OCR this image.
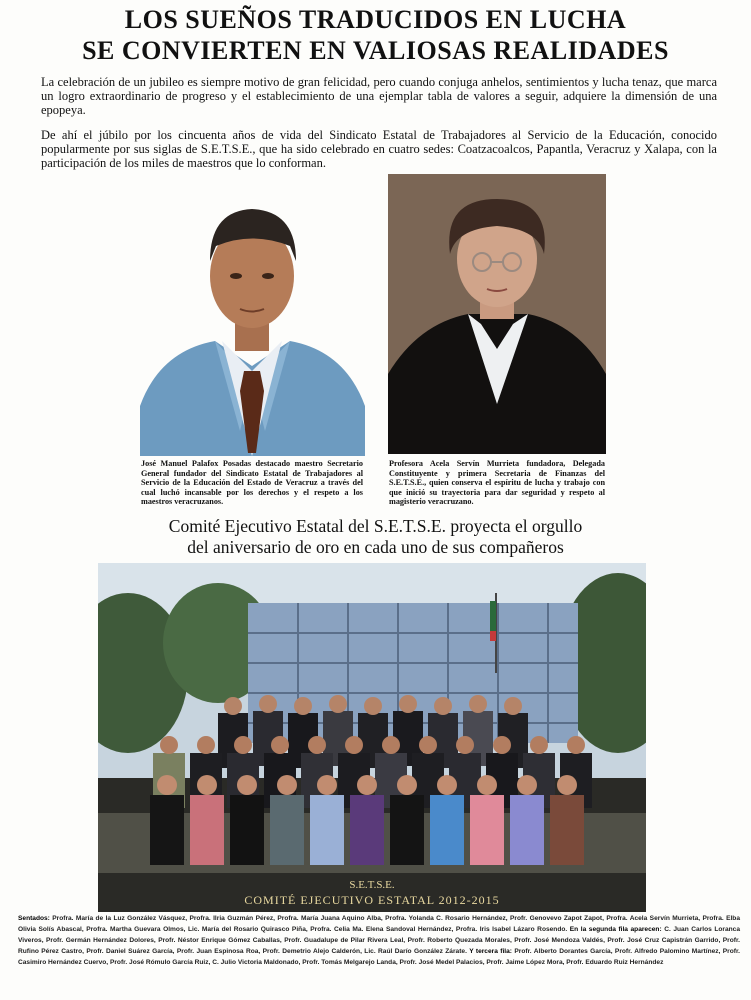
LOS SUEÑOS TRADUCIDOS EN LUCHA
SE CONVIERTEN EN VALIOSAS REALIDADES
La celebración de un jubileo es siempre motivo de gran felicidad, pero cuando conjuga anhelos, sentimientos y lucha tenaz, que marca un logro extraordinario de progreso y el establecimiento de una ejemplar tabla de valores a seguir, adquiere la dimensión de una epopeya.
De ahí el júbilo por los cincuenta años de vida del Sindicato Estatal de Trabajadores al Servicio de la Educación, conocido popularmente por sus siglas de S.E.T.S.E., que ha sido celebrado en cuatro sedes: Coatzacoalcos, Papantla, Veracruz y Xalapa, con la participación de los miles de maestros que lo conforman.
José Manuel Palafox Posadas destacado maestro Secretario General fundador del Sindicato Estatal de Trabajadores al Servicio de la Educación del Estado de Veracruz a través del cual luchó incansable por los derechos y el respeto a los maestros veracruzanos.
Profesora Acela Servín Murrieta fundadora, Delegada Constituyente y primera Secretaria de Finanzas del S.E.T.S.E., quien conserva el espíritu de lucha y trabajo con que inició su trayectoria para dar seguridad y respeto al magisterio veracruzano.
Comité Ejecutivo Estatal del S.E.T.S.E. proyecta el orgullo
del aniversario de oro en cada uno de sus compañeros
S.E.T.S.E.
COMITÉ EJECUTIVO ESTATAL 2012-2015
Sentados: Profra. María de la Luz González Vásquez, Profra. Ilria Guzmán Pérez, Profra. María Juana Aquino Alba, Profra. Yolanda C. Rosario Hernández, Profr. Genovevo Zapot Zapot, Profra. Acela Servín Murrieta, Profra. Elba Olivia Solís Abascal, Profra. Martha Guevara Olmos, Lic. María del Rosario Quirasco Piña, Profra. Celia Ma. Elena Sandoval Hernández, Profra. Iris Isabel Lázaro Rosendo. En la segunda fila aparecen: C. Juan Carlos Loranca Viveros, Profr. Germán Hernández Dolores, Profr. Néstor Enrique Gómez Caballas, Profr. Guadalupe de Pilar Rivera Leal, Profr. Roberto Quezada Morales, Profr. José Mendoza Valdés, Profr. José Cruz Capistrán Garrido, Profr. Rufino Pérez Castro, Profr. Daniel Suárez García, Profr. Juan Espinosa Roa, Profr. Demetrio Alejo Calderón, Lic. Raúl Darío González Zárate. Y tercera fila: Profr. Alberto Dorantes García, Profr. Alfredo Palomino Martínez, Profr. Casimiro Hernández Cuervo, Profr. José Rómulo García Ruiz, C. Julio Victoria Maldonado, Profr. Tomás Melgarejo Landa, Profr. José Medel Palacios, Profr. Jaime López Mora, Profr. Eduardo Ruiz Hernández
